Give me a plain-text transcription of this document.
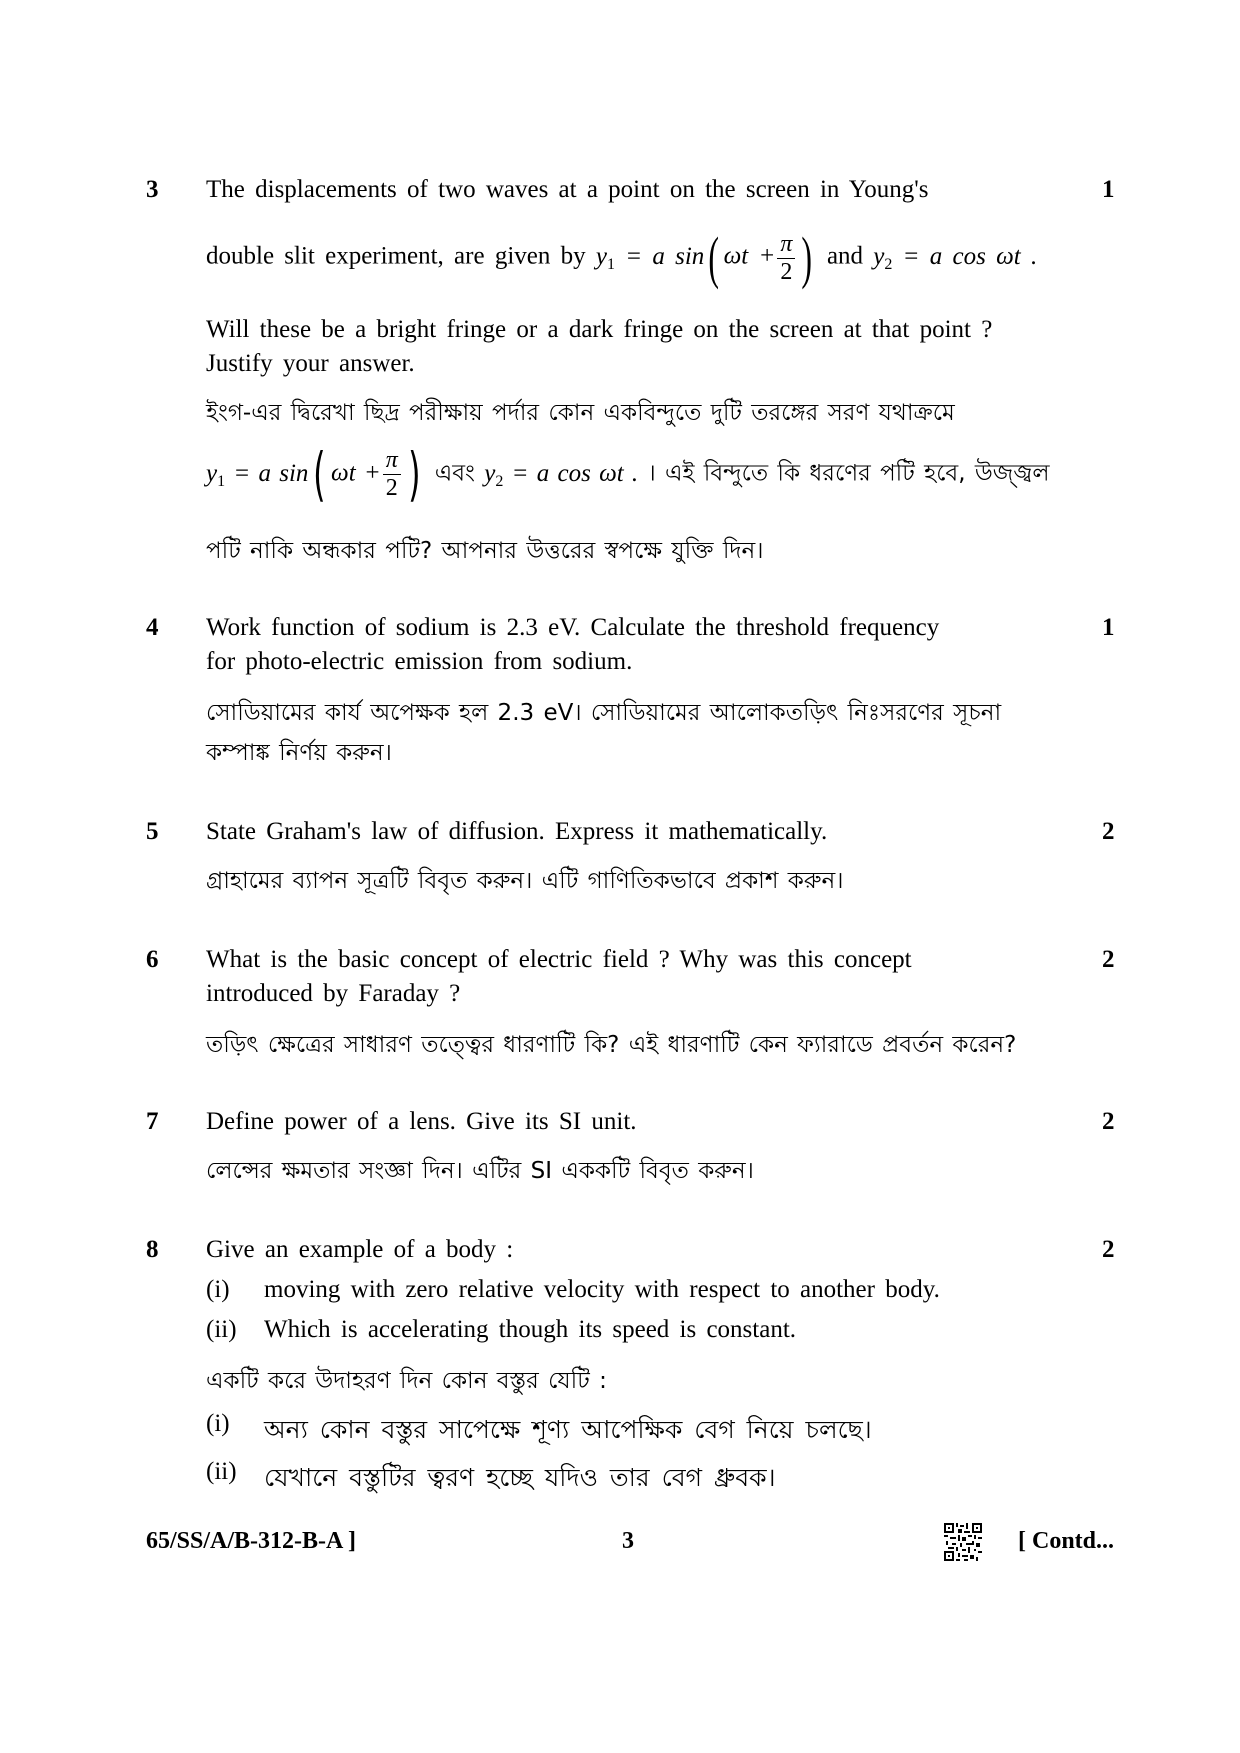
3	1
The displacements of two waves at a point on the screen in Young's
double slit experiment, are given by $y_1 = a$ sin( $\omega t + \frac{\pi}{2}$ ) and $y_2 = a$ cos ωt .
Will these be a bright fringe or a dark fringe on the screen at that point ?
Justify your answer.
ইংগ-এর দ্বিরেখা ছিদ্র পরীক্ষায় পর্দার কোন একবিন্দুতে দুটি তরঙ্গের সরণ যথাক্রমে
$y_1 = a$ sin( $\omega t + \frac{\pi}{2}$ ) এবং $y_2 = a$ cos ωt . । এই বিন্দুতে কি ধরণের পটি হবে, উজ্জ্বল
পটি নাকি অন্ধকার পটি? আপনার উত্তরের স্বপক্ষে যুক্তি দিন।
4	1
Work function of sodium is 2.3 eV. Calculate the threshold frequency
for photo-electric emission from sodium.
সোডিয়ামের কার্য অপেক্ষক হল 2.3 eV। সোডিয়ামের আলোকতড়িৎ নিঃসরণের সূচনা
কম্পাঙ্ক নির্ণয় করুন।
5	2
State Graham's law of diffusion. Express it mathematically.
গ্রাহামের ব্যাপন সূত্রটি বিবৃত করুন। এটি গাণিতিকভাবে প্রকাশ করুন।
6	2
What is the basic concept of electric field ? Why was this concept
introduced by Faraday ?
তড়িৎ ক্ষেত্রের সাধারণ তত্ত্বের ধারণাটি কি? এই ধারণাটি কেন ফ্যারাডে প্রবর্তন করেন?
7	2
Define power of a lens. Give its SI unit.
লেন্সের ক্ষমতার সংজ্ঞা দিন। এটির SI এককটি বিবৃত করুন।
8	2
Give an example of a body :
(i) moving with zero relative velocity with respect to another body.
(ii) Which is accelerating though its speed is constant.
একটি করে উদাহরণ দিন কোন বস্তুর যেটি :
(i) অন্য কোন বস্তুর সাপেক্ষে শূণ্য আপেক্ষিক বেগ নিয়ে চলছে।
(ii) যেখানে বস্তুটির ত্বরণ হচ্ছে যদিও তার বেগ ধ্রুবক।
65/SS/A/B-312-B-A ]	3	[ Contd...
